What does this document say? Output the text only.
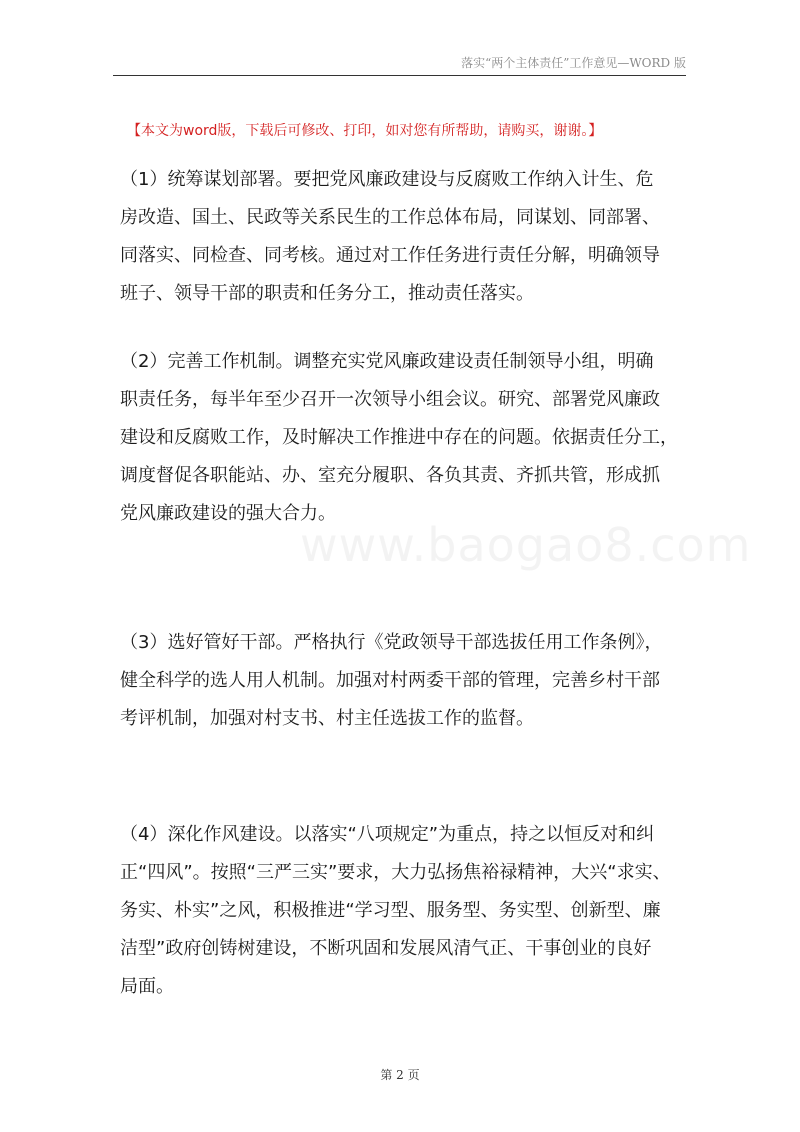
落实“两个主体责任”工作意见—WORD 版
【本文为word版，下载后可修改、打印，如对您有所帮助，请购买，谢谢。】
www.baogao8.com

（1）统筹谋划部署。要把党风廉政建设与反腐败工作纳入计生、危
房改造、国土、民政等关系民生的工作总体布局，同谋划、同部署、
同落实、同检查、同考核。通过对工作任务进行责任分解，明确领导
班子、领导干部的职责和任务分工，推动责任落实。

（2）完善工作机制。调整充实党风廉政建设责任制领导小组，明确
职责任务，每半年至少召开一次领导小组会议。研究、部署党风廉政
建设和反腐败工作，及时解决工作推进中存在的问题。依据责任分工，
调度督促各职能站、办、室充分履职、各负其责、齐抓共管，形成抓
党风廉政建设的强大合力。

（3）选好管好干部。严格执行《党政领导干部选拔任用工作条例》，
健全科学的选人用人机制。加强对村两委干部的管理，完善乡村干部
考评机制，加强对村支书、村主任选拔工作的监督。

（4）深化作风建设。以落实“八项规定”为重点，持之以恒反对和纠
正“四风”。按照“三严三实”要求，大力弘扬焦裕禄精神，大兴“求实、
务实、朴实”之风，积极推进“学习型、服务型、务实型、创新型、廉
洁型”政府创铸树建设，不断巩固和发展风清气正、干事创业的良好
局面。

第 2 页
